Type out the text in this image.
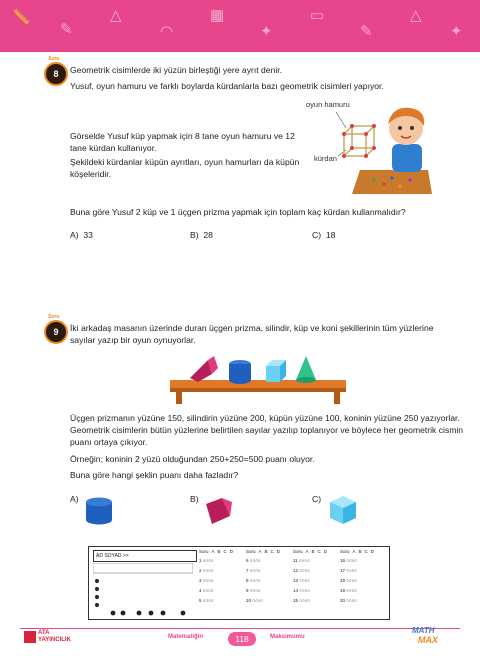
📏
✎
△
◠
▦
✦
▭
✎
△
✦
Soru
8	Geometrik cisimlerde iki yüzün birleştiği yere ayrıt denir.
Yusuf, oyun hamuru ve farklı boylarda kürdanlarla bazı geometrik cisimleri yapıyor.
Görselde Yusuf küp yapmak için 8 tane oyun hamuru ve 12 tane kürdan kullanıyor.
Şekildeki kürdanlar küpün ayrıtları, oyun hamurları da küpün köşeleridir.
oyun hamuru
kürdan
Buna göre Yusuf 2 küp ve 1 üçgen prizma yapmak için toplam kaç kürdan kullanmalıdır?
A) 33	B) 28	C) 18
Soru
9	İki arkadaş masanın üzerinde duran üçgen prizma, silindir, küp ve koni şekillerinin tüm yüzlerine sayılar yazıp bir oyun oynuyorlar.
Üçgen prizmanın yüzüne 150, silindirin yüzüne 200, küpün yüzüne 100, koninin yüzüne 250 yazıyorlar. Geometrik cisimlerin bütün yüzlerine belirtilen sayılar yazılıp toplanıyor ve böylece her geometrik cismin puanı ortaya çıkıyor.
Örneğin; koninin 2 yüzü olduğundan 250+250=500 puanı oluyor.
Buna göre hangi şeklin puanı daha fazladır?
A)	B)	C)
AD SOYAD >>
Soru A B C D
1 ○○○○
2 ○○○○
3 ○○○○
4 ○○○○
5 ○○○○
Soru A B C D
6 ○○○○
7 ○○○○
8 ○○○○
9 ○○○○
10 ○○○○
Soru A B C D
11 ○○○○
12 ○○○○
13 ○○○○
14 ○○○○
15 ○○○○
Soru A B C D
16 ○○○○
17 ○○○○
18 ○○○○
19 ○○○○
20 ○○○○
ATA
YAYINCILIK	Matematiğin	118	Maksimumu
MATH
MAX
